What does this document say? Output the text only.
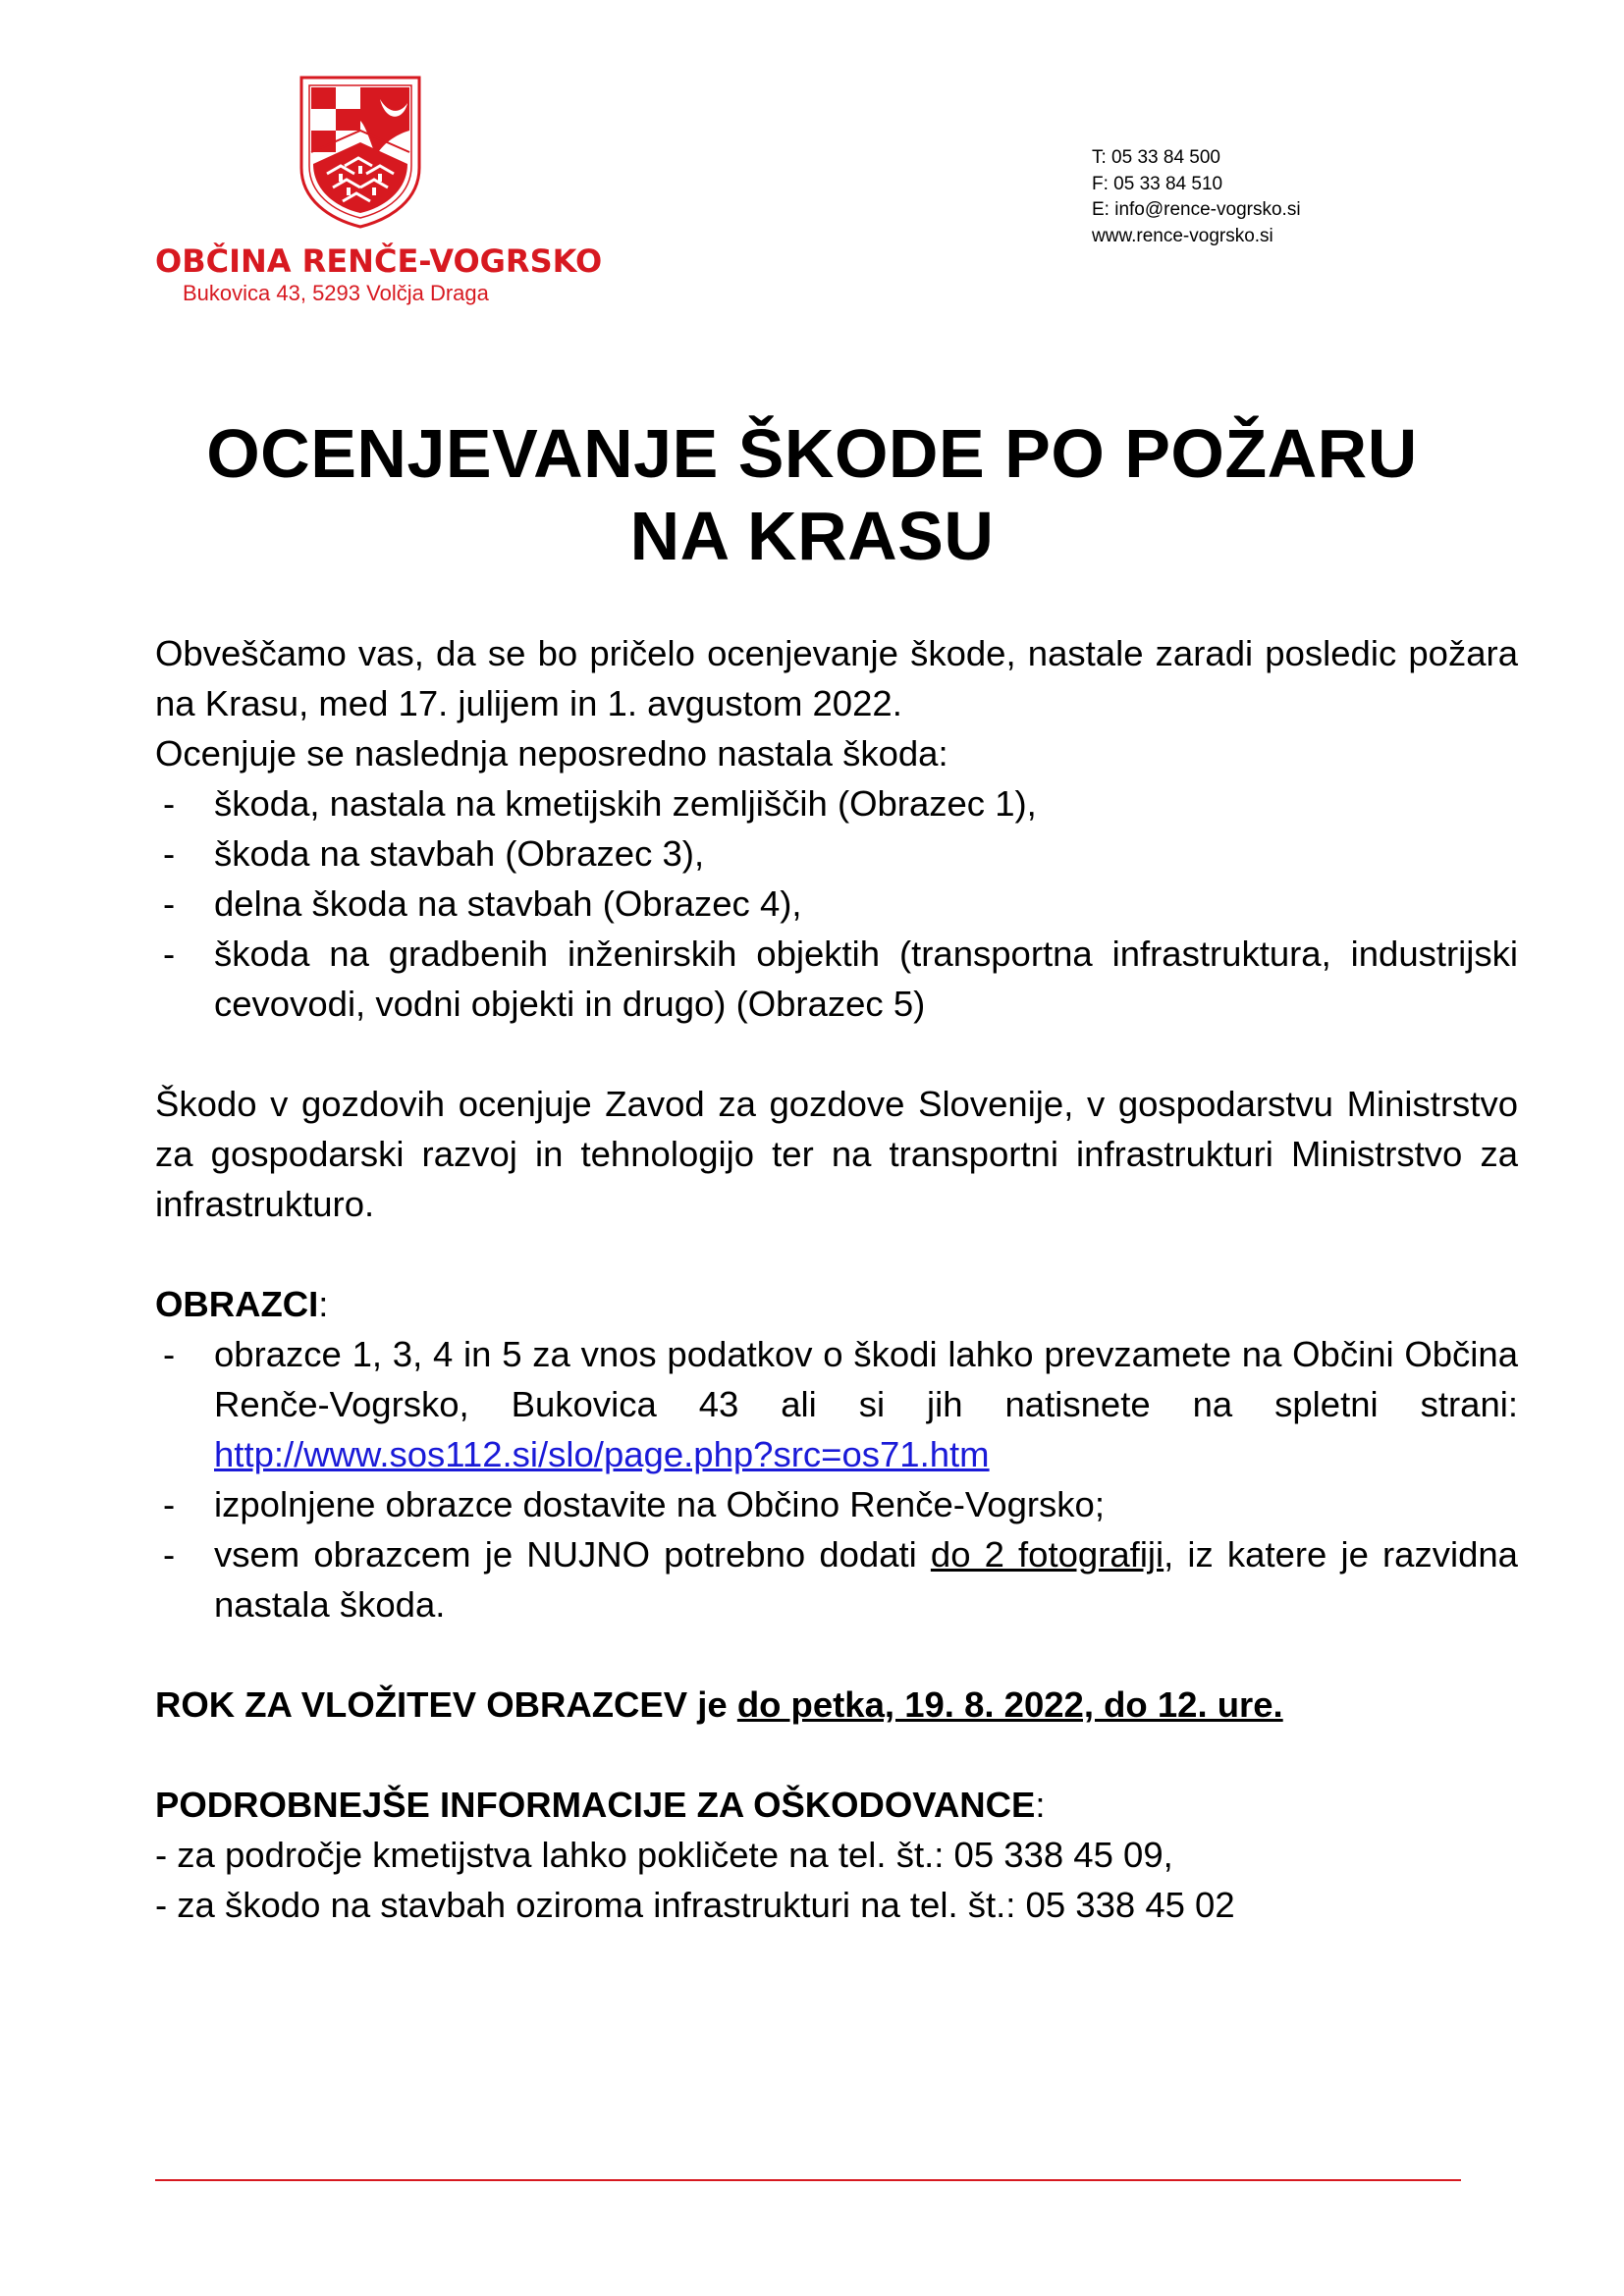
OBČINA RENČE-VOGRSKO
Bukovica 43, 5293 Volčja Draga
T: 05 33 84 500
F: 05 33 84 510
E: info@rence-vogrsko.si
www.rence-vogrsko.si
OCENJEVANJE ŠKODE PO POŽARU
NA KRASU

Obveščamo vas, da se bo pričelo ocenjevanje škode, nastale zaradi posledic požara na Krasu, med 17. julijem in 1. avgustom 2022.

Ocenjuje se naslednja neposredno nastala škoda:

- škoda, nastala na kmetijskih zemljiščih (Obrazec 1),
- škoda na stavbah (Obrazec 3),
- delna škoda na stavbah (Obrazec 4),
- škoda na gradbenih inženirskih objektih (transportna infrastruktura, industrijski cevovodi, vodni objekti in drugo) (Obrazec 5)

Škodo v gozdovih ocenjuje Zavod za gozdove Slovenije, v gospodarstvu Ministrstvo za gospodarski razvoj in tehnologijo ter na transportni infrastrukturi Ministrstvo za infrastrukturo.

OBRAZCI:

- obrazce 1, 3, 4 in 5 za vnos podatkov o škodi lahko prevzamete na Občini Občina Renče-Vogrsko, Bukovica 43 ali si jih natisnete na spletni strani: http://www.sos112.si/slo/page.php?src=os71.htm
- izpolnjene obrazce dostavite na Občino Renče-Vogrsko;
- vsem obrazcem je NUJNO potrebno dodati do 2 fotografiji, iz katere je razvidna nastala škoda.

ROK ZA VLOŽITEV OBRAZCEV je do petka, 19. 8. 2022, do 12. ure.

PODROBNEJŠE INFORMACIJE ZA OŠKODOVANCE:

- za področje kmetijstva lahko pokličete na tel. št.: 05 338 45 09,

- za škodo na stavbah oziroma infrastrukturi na tel. št.: 05 338 45 02
